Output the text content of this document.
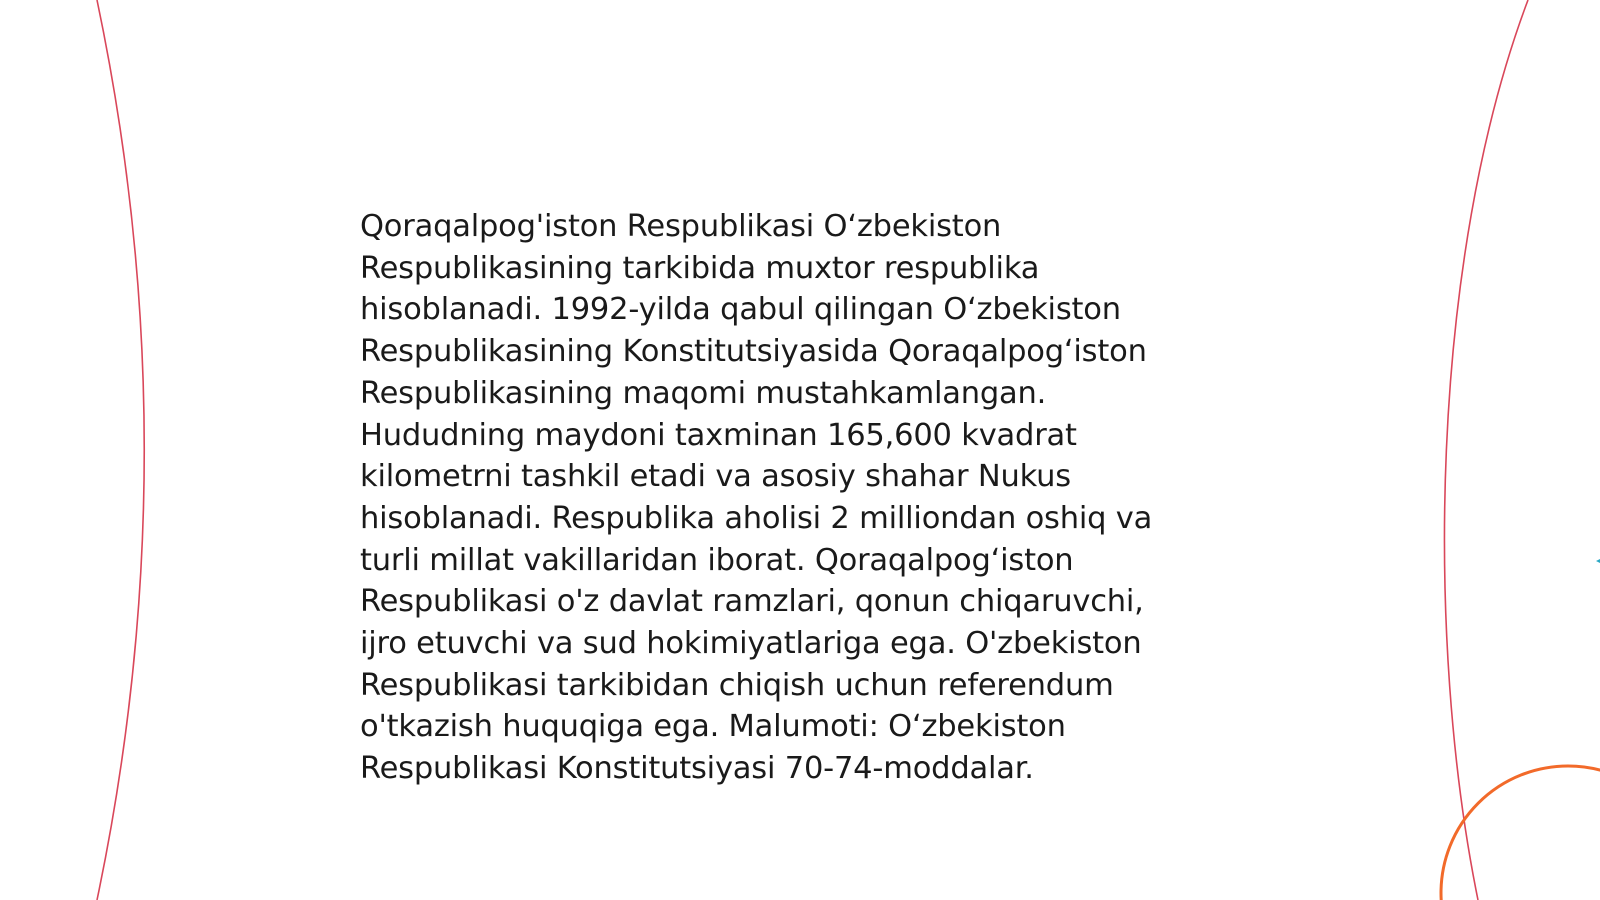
Qoraqalpog'iston Respublikasi O‘zbekiston
Respublikasining tarkibida muxtor respublika
hisoblanadi. 1992-yilda qabul qilingan O‘zbekiston
Respublikasining Konstitutsiyasida Qoraqalpog‘iston
Respublikasining maqomi mustahkamlangan.
Hududning maydoni taxminan 165,600 kvadrat
kilometrni tashkil etadi va asosiy shahar Nukus
hisoblanadi. Respublika aholisi 2 milliondan oshiq va
turli millat vakillaridan iborat. Qoraqalpog‘iston
Respublikasi o'z davlat ramzlari, qonun chiqaruvchi,
ijro etuvchi va sud hokimiyatlariga ega. O'zbekiston
Respublikasi tarkibidan chiqish uchun referendum
o'tkazish huquqiga ega. Malumoti: O‘zbekiston
Respublikasi Konstitutsiyasi 70-74-moddalar.
